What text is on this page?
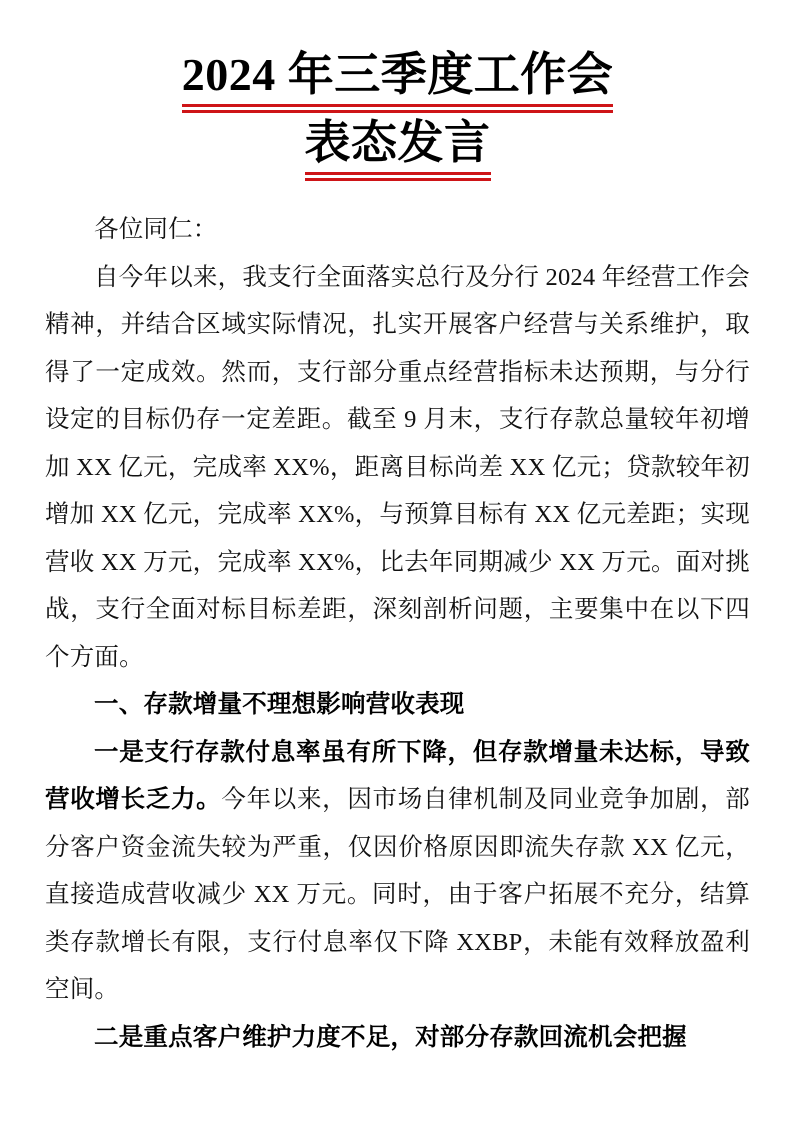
2024 年三季度工作会
表态发言

各位同仁：

自今年以来，我支行全面落实总行及分行 2024 年经营工作会精神，并结合区域实际情况，扎实开展客户经营与关系维护，取得了一定成效。然而，支行部分重点经营指标未达预期，与分行设定的目标仍存一定差距。截至 9 月末，支行存款总量较年初增加 XX 亿元，完成率 XX%，距离目标尚差 XX 亿元；贷款较年初增加 XX 亿元，完成率 XX%，与预算目标有 XX 亿元差距；实现营收 XX 万元，完成率 XX%，比去年同期减少 XX 万元。面对挑战，支行全面对标目标差距，深刻剖析问题，主要集中在以下四个方面。

一、存款增量不理想影响营收表现

一是支行存款付息率虽有所下降，但存款增量未达标，导致营收增长乏力。今年以来，因市场自律机制及同业竞争加剧，部分客户资金流失较为严重，仅因价格原因即流失存款 XX 亿元，直接造成营收减少 XX 万元。同时，由于客户拓展不充分，结算类存款增长有限，支行付息率仅下降 XXBP，未能有效释放盈利空间。

二是重点客户维护力度不足，对部分存款回流机会把握
